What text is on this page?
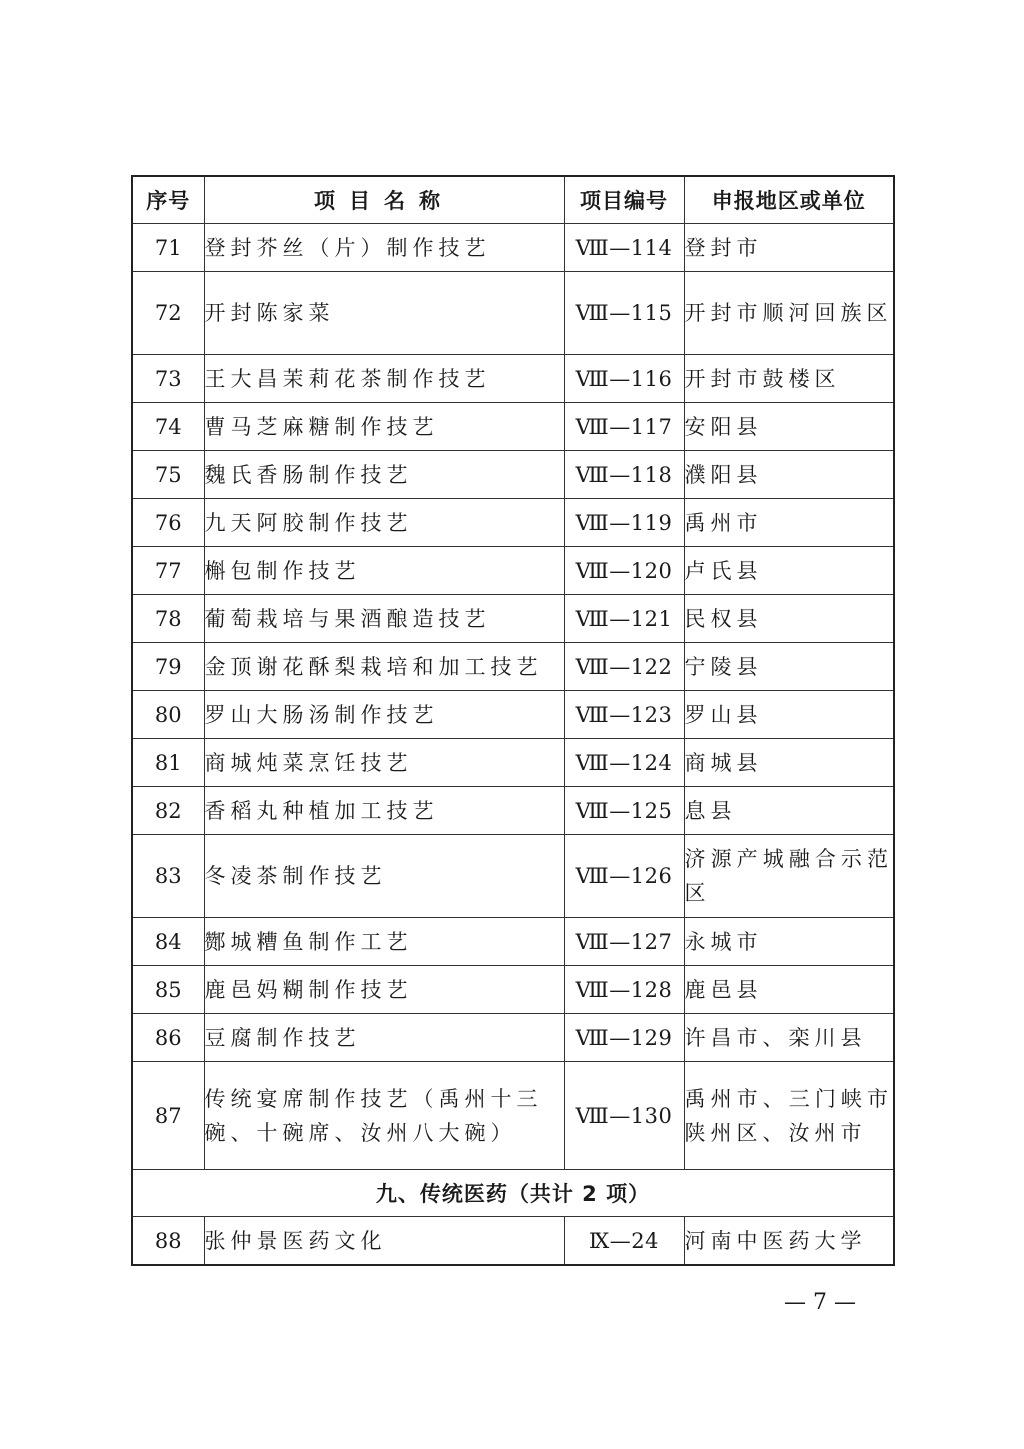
序号	项目名称	项目编号	申报地区或单位
71	登封芥丝（片）制作技艺	Ⅷ—114	登封市
72	开封陈家菜	Ⅷ—115	开封市顺河回族区
73	王大昌茉莉花茶制作技艺	Ⅷ—116	开封市鼓楼区
74	曹马芝麻糖制作技艺	Ⅷ—117	安阳县
75	魏氏香肠制作技艺	Ⅷ—118	濮阳县
76	九天阿胶制作技艺	Ⅷ—119	禹州市
77	槲包制作技艺	Ⅷ—120	卢氏县
78	葡萄栽培与果酒酿造技艺	Ⅷ—121	民权县
79	金顶谢花酥梨栽培和加工技艺	Ⅷ—122	宁陵县
80	罗山大肠汤制作技艺	Ⅷ—123	罗山县
81	商城炖菜烹饪技艺	Ⅷ—124	商城县
82	香稻丸种植加工技艺	Ⅷ—125	息县
83	冬凌茶制作技艺	Ⅷ—126	济源产城融合示范区
84	酂城糟鱼制作工艺	Ⅷ—127	永城市
85	鹿邑妈糊制作技艺	Ⅷ—128	鹿邑县
86	豆腐制作技艺	Ⅷ—129	许昌市、栾川县
87	传统宴席制作技艺（禹州十三碗、十碗席、汝州八大碗）	Ⅷ—130	禹州市、三门峡市陕州区、汝州市
九、传统医药（共计 2 项）			
88	张仲景医药文化	Ⅸ—24	河南中医药大学
— 7 —
